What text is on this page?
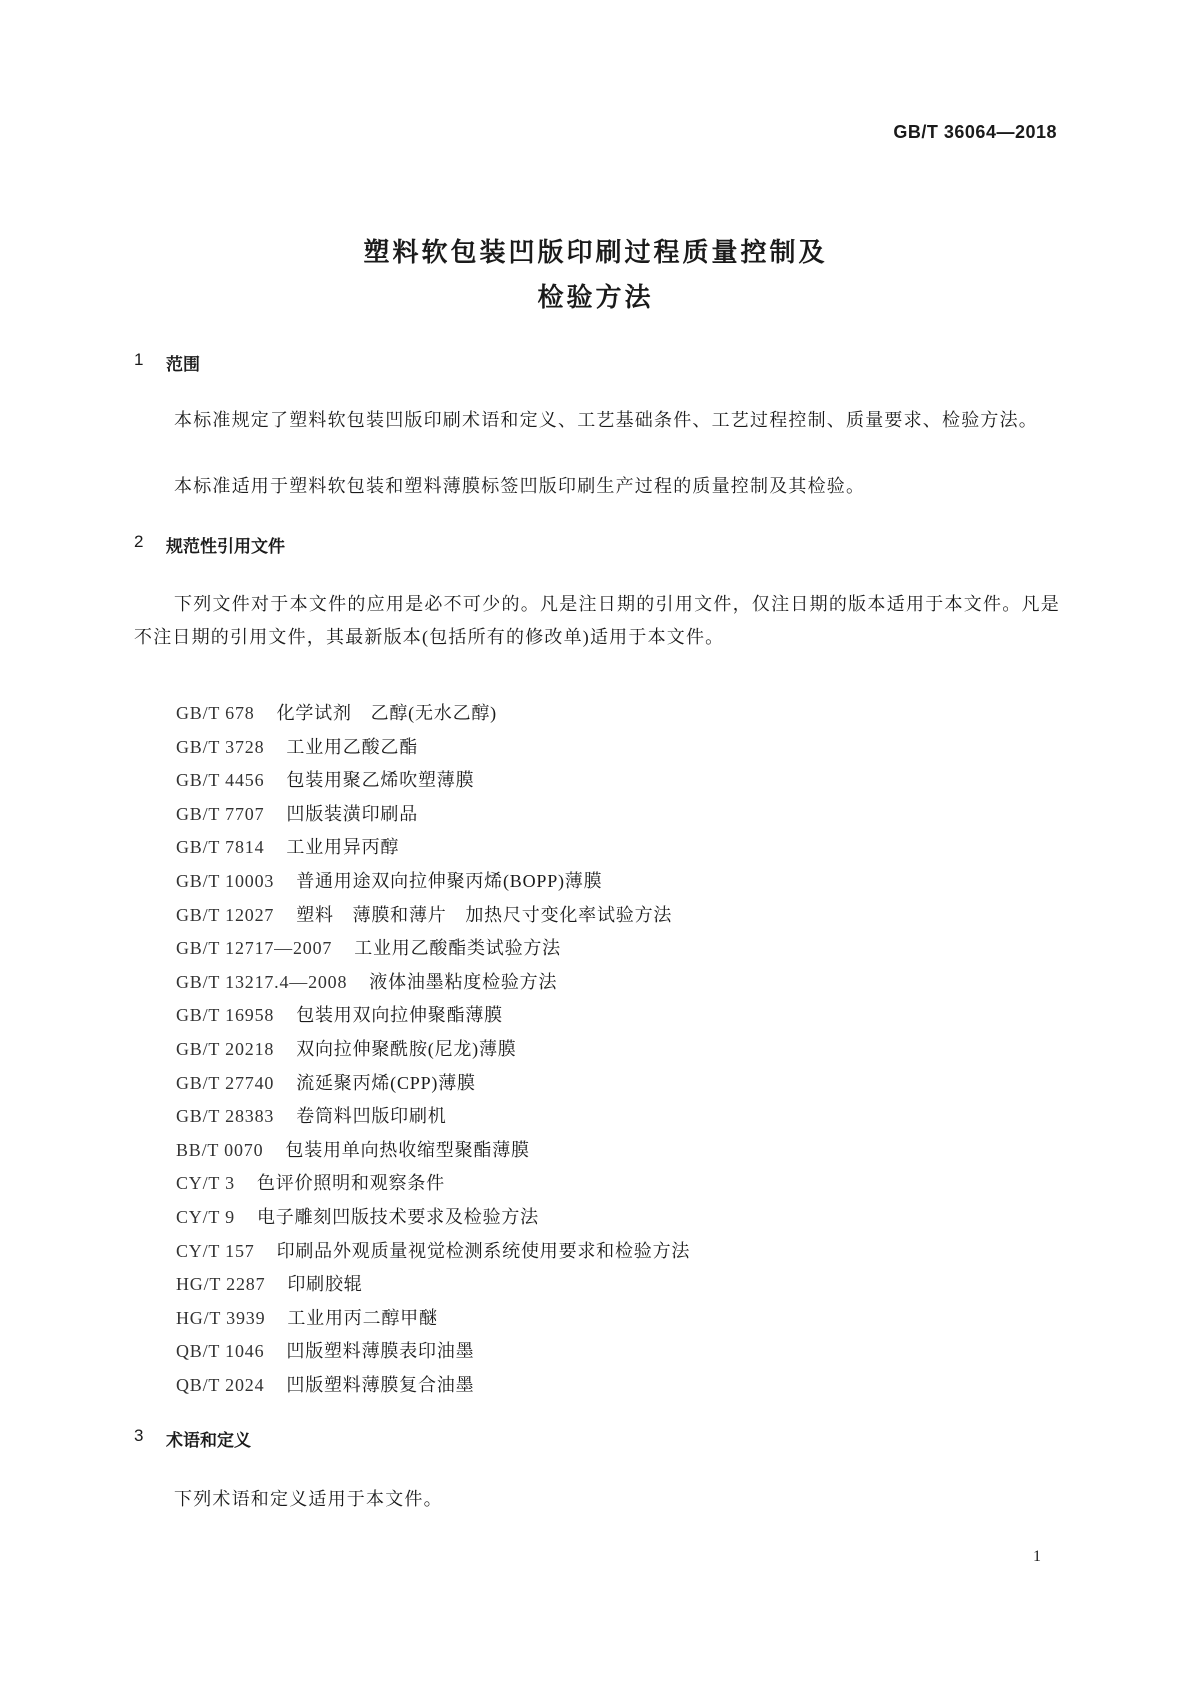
GB/T 36064—2018
塑料软包装凹版印刷过程质量控制及
检验方法
1	范围
本标准规定了塑料软包装凹版印刷术语和定义、工艺基础条件、工艺过程控制、质量要求、检验方法。
本标准适用于塑料软包装和塑料薄膜标签凹版印刷生产过程的质量控制及其检验。
2	规范性引用文件
下列文件对于本文件的应用是必不可少的。凡是注日期的引用文件，仅注日期的版本适用于本文件。凡是不注日期的引用文件，其最新版本(包括所有的修改单)适用于本文件。
GB/T 678 化学试剂　乙醇(无水乙醇)
GB/T 3728 工业用乙酸乙酯
GB/T 4456 包装用聚乙烯吹塑薄膜
GB/T 7707 凹版装潢印刷品
GB/T 7814 工业用异丙醇
GB/T 10003 普通用途双向拉伸聚丙烯(BOPP)薄膜
GB/T 12027 塑料　薄膜和薄片　加热尺寸变化率试验方法
GB/T 12717—2007 工业用乙酸酯类试验方法
GB/T 13217.4—2008 液体油墨粘度检验方法
GB/T 16958 包装用双向拉伸聚酯薄膜
GB/T 20218 双向拉伸聚酰胺(尼龙)薄膜
GB/T 27740 流延聚丙烯(CPP)薄膜
GB/T 28383 卷筒料凹版印刷机
BB/T 0070 包装用单向热收缩型聚酯薄膜
CY/T 3 色评价照明和观察条件
CY/T 9 电子雕刻凹版技术要求及检验方法
CY/T 157 印刷品外观质量视觉检测系统使用要求和检验方法
HG/T 2287 印刷胶辊
HG/T 3939 工业用丙二醇甲醚
QB/T 1046 凹版塑料薄膜表印油墨
QB/T 2024 凹版塑料薄膜复合油墨
3	术语和定义
下列术语和定义适用于本文件。
1
